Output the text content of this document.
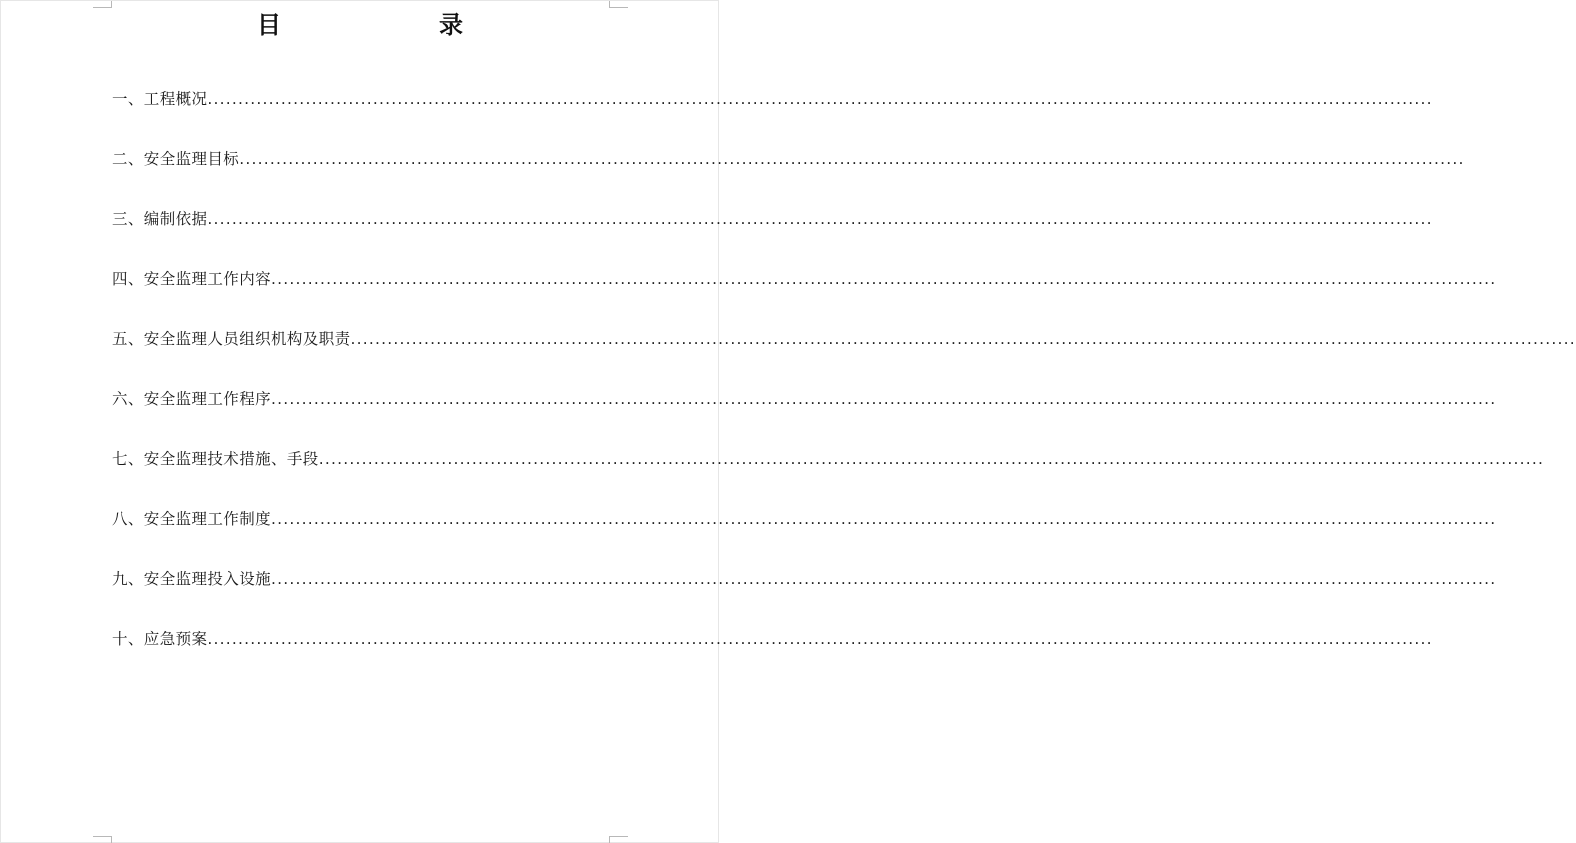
目	录
一、工程概况 ........................................................................................................................................................................................................
二、安全监理目标 ........................................................................................................................................................................................................
三、编制依据 ........................................................................................................................................................................................................
四、安全监理工作内容 ........................................................................................................................................................................................................
五、安全监理人员组织机构及职责 ........................................................................................................................................................................................................
六、安全监理工作程序 ........................................................................................................................................................................................................
七、安全监理技术措施、手段 ........................................................................................................................................................................................................
八、安全监理工作制度 ........................................................................................................................................................................................................
九、安全监理投入设施 ........................................................................................................................................................................................................
十、应急预案 ........................................................................................................................................................................................................
